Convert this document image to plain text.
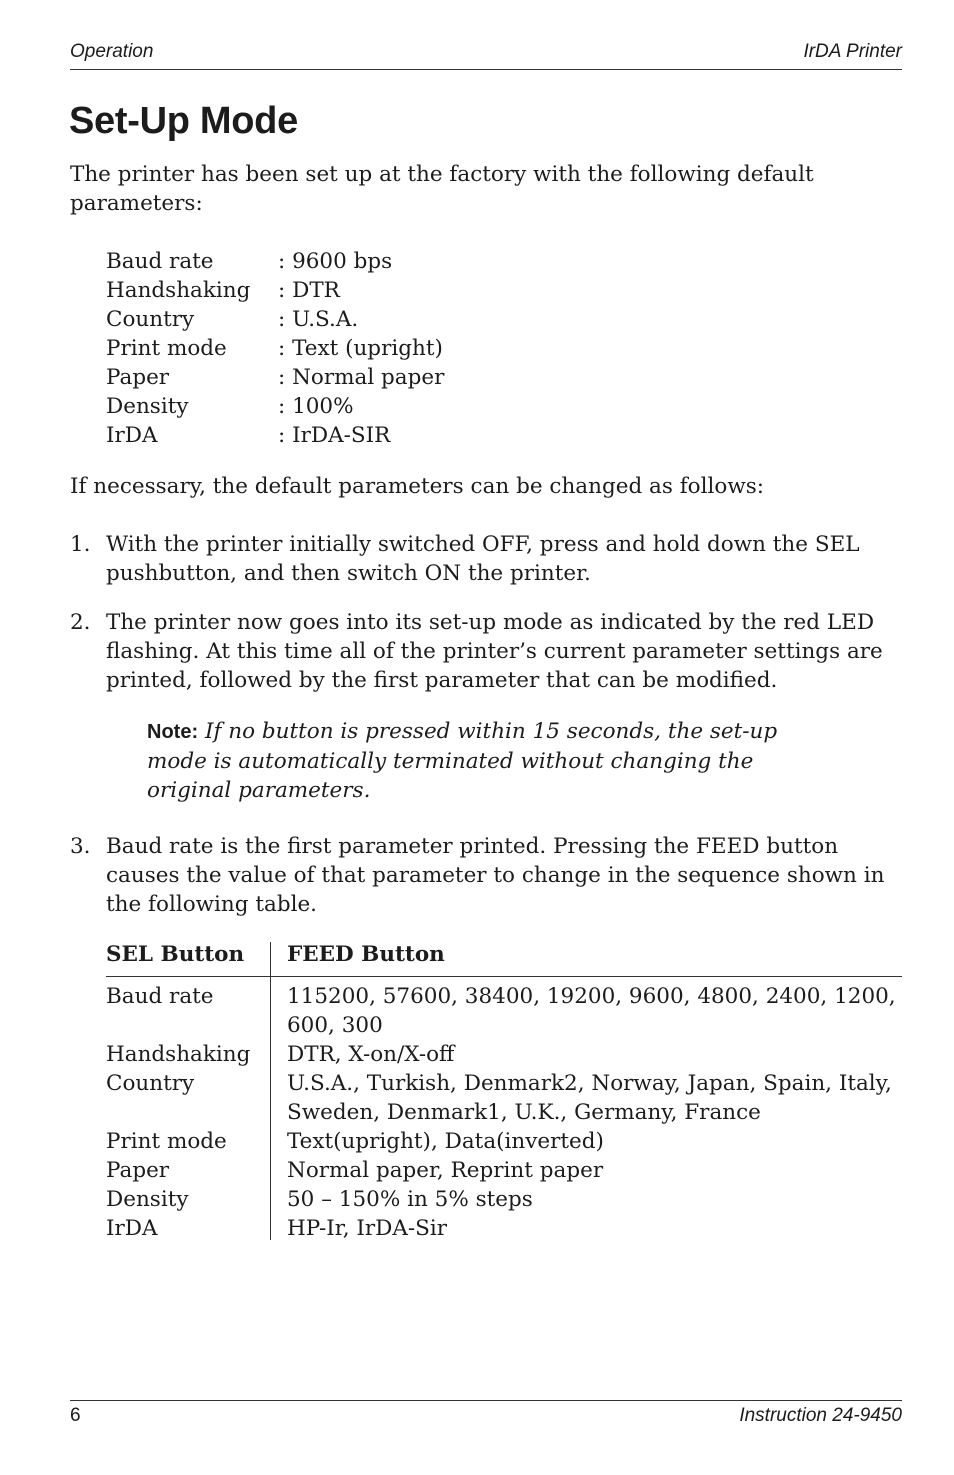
Operation	IrDA Printer
Set-Up Mode

The printer has been set up at the factory with the following default parameters:

Baud rate	: 9600 bps
Handshaking : DTR
Country	: U.S.A.
Print mode : Text (upright)
Paper	: Normal paper
Density	: 100%
IrDA	: IrDA-SIR

If necessary, the default parameters can be changed as follows:

1. With the printer initially switched OFF, press and hold down the SEL pushbutton, and then switch ON the printer.
2. The printer now goes into its set-up mode as indicated by the red LED flashing. At this time all of the printer’s current parameter settings are printed, followed by the first parameter that can be modified.
Note: If no button is pressed within 15 seconds, the set-up mode is automatically terminated without changing the original parameters.
3. Baud rate is the first parameter printed. Pressing the FEED button causes the value of that parameter to change in the sequence shown in the following table.
SEL Button	FEED Button
Baud rate	115200, 57600, 38400, 19200, 9600, 4800, 2400, 1200, 600, 300
Handshaking DTR, X-on/X-off
Country	U.S.A., Turkish, Denmark2, Norway, Japan, Spain, Italy, Sweden, Denmark1, U.K., Germany, France
Print mode	Text(upright), Data(inverted)
Paper	Normal paper, Reprint paper
Density	50 – 150% in 5% steps
IrDA	HP-Ir, IrDA-Sir
6	Instruction 24-9450
